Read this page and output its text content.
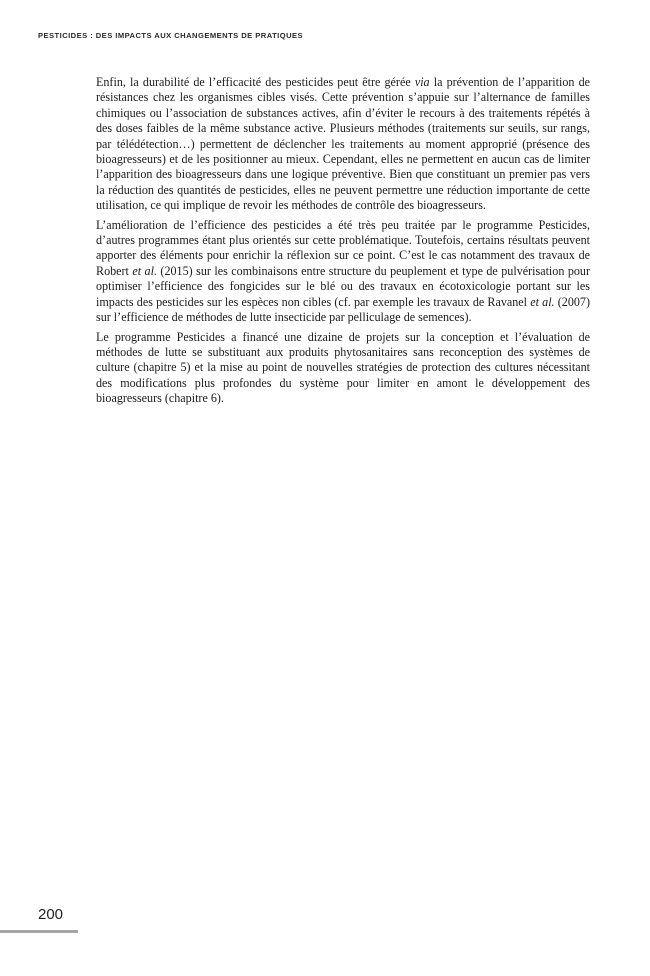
PESTICIDES : DES IMPACTS AUX CHANGEMENTS DE PRATIQUES

Enfin, la durabilité de l’efficacité des pesticides peut être gérée via la prévention de l’apparition de résistances chez les organismes cibles visés. Cette prévention s’appuie sur l’alternance de familles chimiques ou l’association de substances actives, afin d’éviter le recours à des traitements répétés à des doses faibles de la même substance active. Plusieurs méthodes (traitements sur seuils, sur rangs, par télédétection…) permettent de déclencher les traitements au moment approprié (présence des bioagresseurs) et de les positionner au mieux. Cependant, elles ne permettent en aucun cas de limiter l’apparition des bioagresseurs dans une logique préventive. Bien que constituant un premier pas vers la réduction des quantités de pesticides, elles ne peuvent permettre une réduction importante de cette utilisation, ce qui implique de revoir les méthodes de contrôle des bioagresseurs.

L’amélioration de l’efficience des pesticides a été très peu traitée par le programme Pesticides, d’autres programmes étant plus orientés sur cette problématique. Toutefois, certains résultats peuvent apporter des éléments pour enrichir la réflexion sur ce point. C’est le cas notamment des travaux de Robert et al. (2015) sur les combinaisons entre structure du peuplement et type de pulvérisation pour optimiser l’efficience des fongicides sur le blé ou des travaux en écotoxicologie portant sur les impacts des pesticides sur les espèces non cibles (cf. par exemple les travaux de Ravanel et al. (2007) sur l’efficience de méthodes de lutte insecticide par pelliculage de semences).

Le programme Pesticides a financé une dizaine de projets sur la conception et l’évaluation de méthodes de lutte se substituant aux produits phytosanitaires sans reconception des systèmes de culture (chapitre 5) et la mise au point de nouvelles stratégies de protection des cultures nécessitant des modifications plus profondes du système pour limiter en amont le développement des bioagresseurs (chapitre 6).

200
